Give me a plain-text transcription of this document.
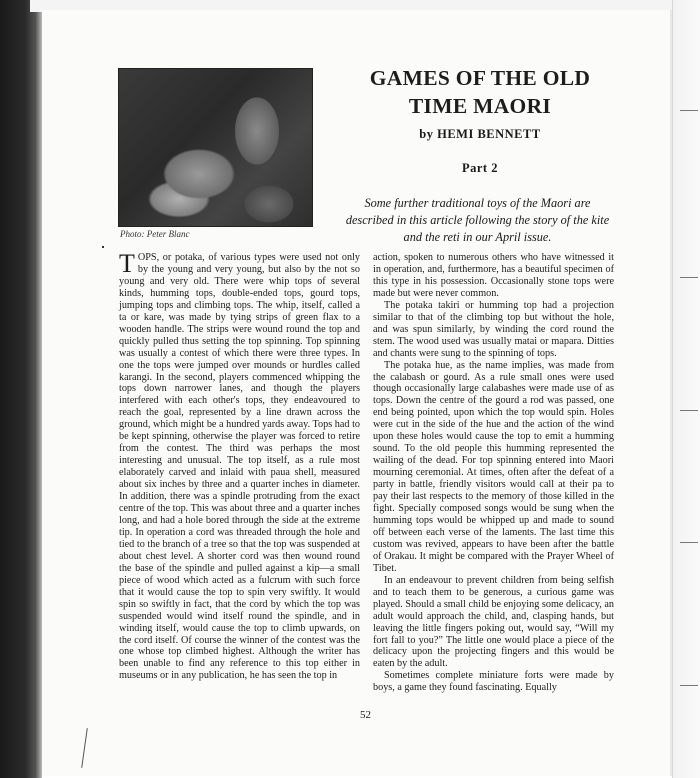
Photo: Peter Blanc
GAMES OF THE OLD TIME MAORI
by HEMI BENNETT
Part 2
Some further traditional toys of the Maori are described in this article following the story of the kite and the reti in our April issue.

TOPS, or potaka, of various types were used not only by the young and very young, but also by the not so young and very old. There were whip tops of several kinds, humming tops, double-ended tops, gourd tops, jumping tops and climbing tops. The whip, itself, called a ta or kare, was made by tying strips of green flax to a wooden handle. The strips were wound round the top and quickly pulled thus setting the top spinning. Top spinning was usually a contest of which there were three types. In one the tops were jumped over mounds or hurdles called karangi. In the second, players commenced whipping the tops down narrower lanes, and though the players interfered with each other's tops, they endeavoured to reach the goal, represented by a line drawn across the ground, which might be a hundred yards away. Tops had to be kept spinning, otherwise the player was forced to retire from the contest. The third was perhaps the most interesting and unusual. The top itself, as a rule most elaborately carved and inlaid with paua shell, measured about six inches by three and a quarter inches in diameter. In addition, there was a spindle protruding from the exact centre of the top. This was about three and a quarter inches long, and had a hole bored through the side at the extreme tip. In operation a cord was threaded through the hole and tied to the branch of a tree so that the top was suspended at about chest level. A shorter cord was then wound round the base of the spindle and pulled against a kip—a small piece of wood which acted as a fulcrum with such force that it would cause the top to spin very swiftly. It would spin so swiftly in fact, that the cord by which the top was suspended would wind itself round the spindle, and in winding itself, would cause the top to climb upwards, on the cord itself. Of course the winner of the contest was the one whose top climbed highest. Although the writer has been unable to find any reference to this top either in museums or in any publication, he has seen the top in

action, spoken to numerous others who have witnessed it in operation, and, furthermore, has a beautiful specimen of this type in his possession. Occasionally stone tops were made but were never common.

The potaka takiri or humming top had a projection similar to that of the climbing top but without the hole, and was spun similarly, by winding the cord round the stem. The wood used was usually matai or mapara. Ditties and chants were sung to the spinning of tops.

The potaka hue, as the name implies, was made from the calabash or gourd. As a rule small ones were used though occasionally large calabashes were made use of as tops. Down the centre of the gourd a rod was passed, one end being pointed, upon which the top would spin. Holes were cut in the side of the hue and the action of the wind upon these holes would cause the top to emit a humming sound. To the old people this humming represented the wailing of the dead. For top spinning entered into Maori mourning ceremonial. At times, often after the defeat of a party in battle, friendly visitors would call at their pa to pay their last respects to the memory of those killed in the fight. Specially composed songs would be sung when the humming tops would be whipped up and made to sound off between each verse of the laments. The last time this custom was revived, appears to have been after the battle of Orakau. It might be compared with the Prayer Wheel of Tibet.

In an endeavour to prevent children from being selfish and to teach them to be generous, a curious game was played. Should a small child be enjoying some delicacy, an adult would approach the child, and, clasping hands, but leaving the little fingers poking out, would say, “Will my fort fall to you?” The little one would place a piece of the delicacy upon the projecting fingers and this would be eaten by the adult.

Sometimes complete miniature forts were made by boys, a game they found fascinating. Equally

52
